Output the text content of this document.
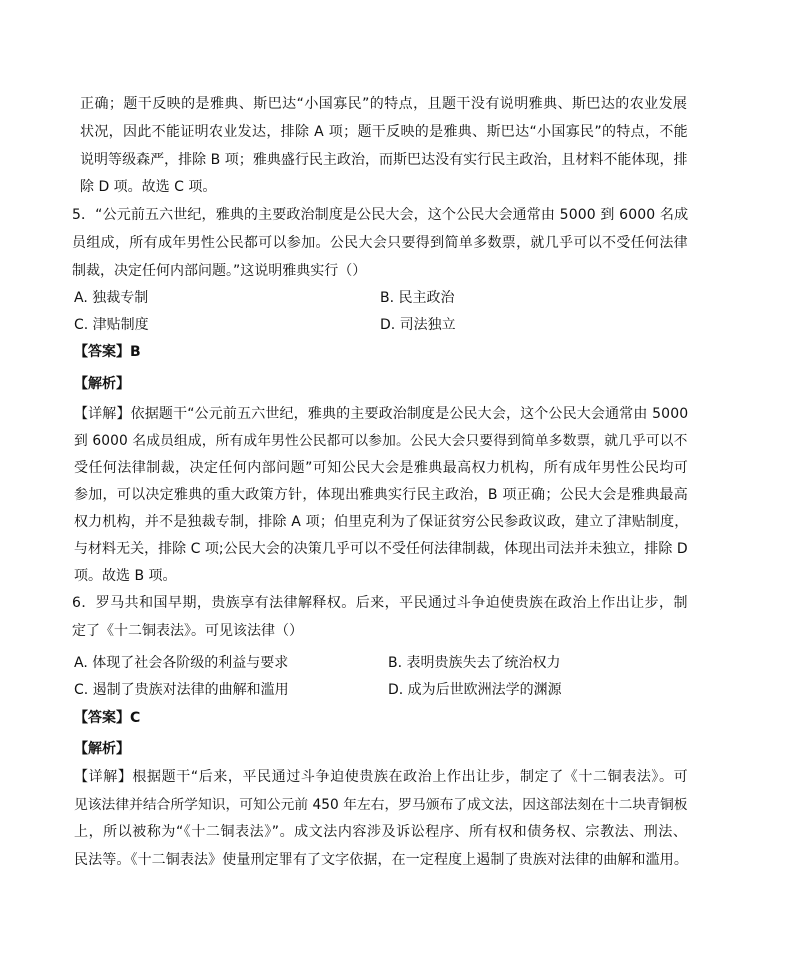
正确；题干反映的是雅典、斯巴达“小国寡民”的特点，且题干没有说明雅典、斯巴达的农业发展
状况，因此不能证明农业发达，排除 A 项；题干反映的是雅典、斯巴达“小国寡民”的特点，不能
说明等级森严，排除 B 项；雅典盛行民主政治，而斯巴达没有实行民主政治，且材料不能体现，排
除 D 项。故选 C 项。
5．“公元前五六世纪，雅典的主要政治制度是公民大会，这个公民大会通常由 5000 到 6000 名成
员组成，所有成年男性公民都可以参加。公民大会只要得到简单多数票，就几乎可以不受任何法律
制裁，决定任何内部问题。”这说明雅典实行（）
A. 独裁专制	B. 民主政治
C. 津贴制度	D. 司法独立
【答案】B
【解析】
【详解】依据题干“公元前五六世纪，雅典的主要政治制度是公民大会，这个公民大会通常由 5000
到 6000 名成员组成，所有成年男性公民都可以参加。公民大会只要得到简单多数票，就几乎可以不
受任何法律制裁，决定任何内部问题”可知公民大会是雅典最高权力机构，所有成年男性公民均可
参加，可以决定雅典的重大政策方针，体现出雅典实行民主政治，B 项正确；公民大会是雅典最高
权力机构，并不是独裁专制，排除 A 项；伯里克利为了保证贫穷公民参政议政，建立了津贴制度，
与材料无关，排除 C 项;公民大会的决策几乎可以不受任何法律制裁，体现出司法并未独立，排除 D
项。故选 B 项。
6．罗马共和国早期，贵族享有法律解释权。后来，平民通过斗争迫使贵族在政治上作出让步，制
定了《十二铜表法》。可见该法律（）
A. 体现了社会各阶级的利益与要求	B. 表明贵族失去了统治权力
C. 遏制了贵族对法律的曲解和滥用	D. 成为后世欧洲法学的渊源
【答案】C
【解析】
【详解】根据题干“后来，平民通过斗争迫使贵族在政治上作出让步，制定了《十二铜表法》。可
见该法律并结合所学知识，可知公元前 450 年左右，罗马颁布了成文法，因这部法刻在十二块青铜板
上，所以被称为“《十二铜表法》”。成文法内容涉及诉讼程序、所有权和债务权、宗教法、刑法、
民法等。《十二铜表法》使量刑定罪有了文字依据，在一定程度上遏制了贵族对法律的曲解和滥用。
